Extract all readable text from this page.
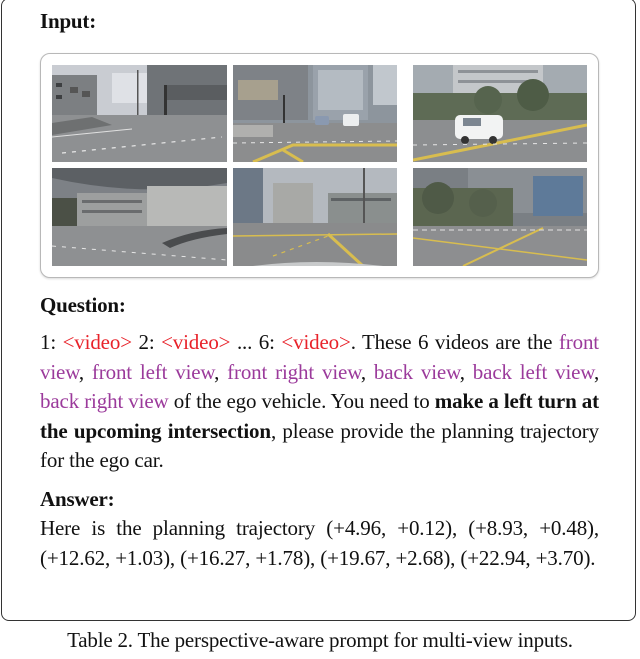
Input:
Question:
1: <video> 2: <video> ... 6: <video>. These 6 videos are the front view, front left view, front right view, back view, back left view, back right view of the ego vehicle. You need to make a left turn at the upcoming intersection, please provide the planning trajectory for the ego car.
Answer:
Here is the planning trajectory (+4.96, +0.12), (+8.93, +0.48), (+12.62, +1.03), (+16.27, +1.78), (+19.67, +2.68), (+22.94, +3.70).
Table 2. The perspective-aware prompt for multi-view inputs.
